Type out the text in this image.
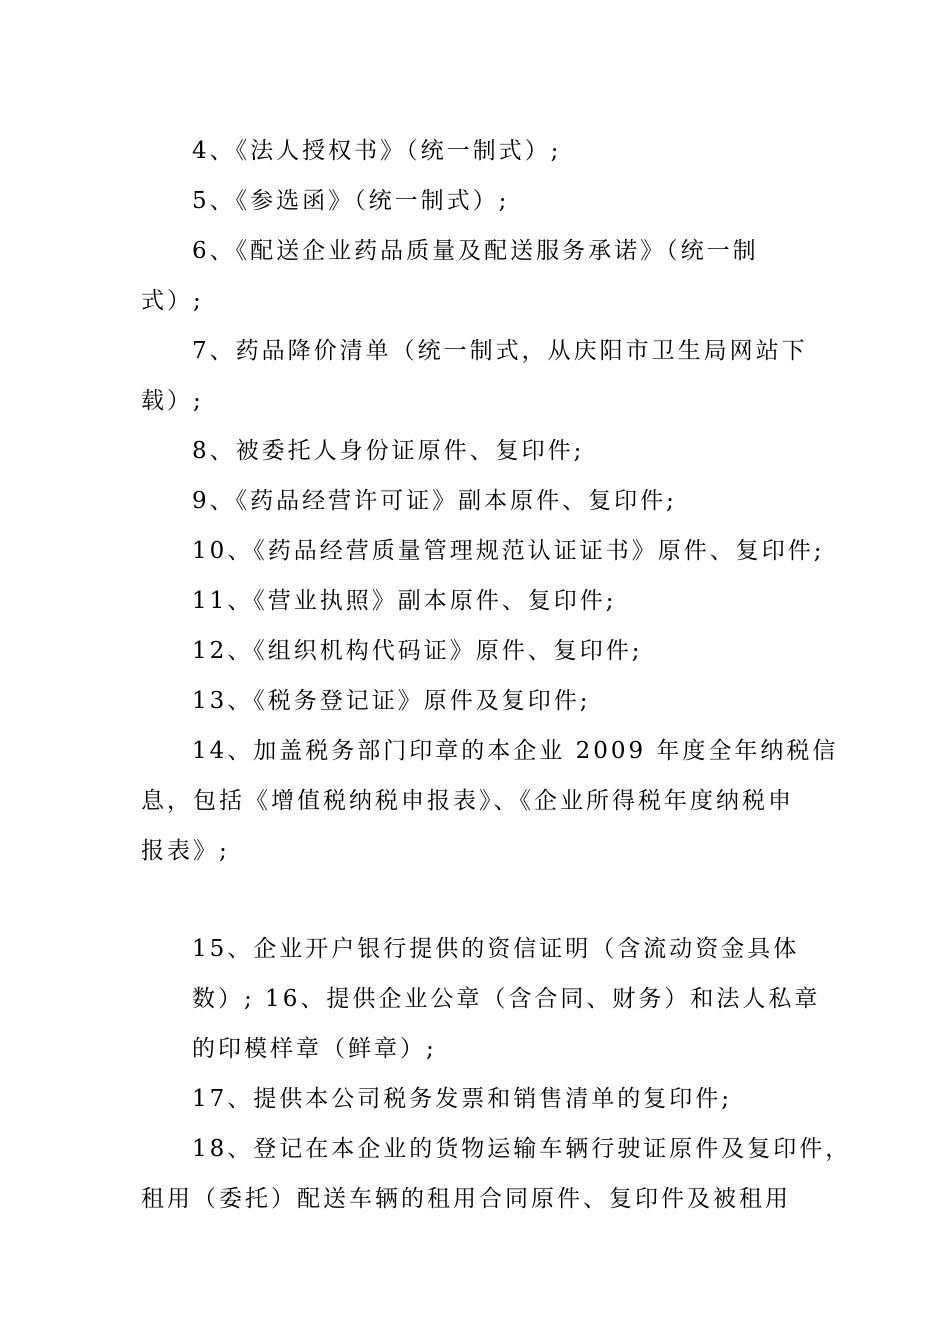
4、《法人授权书》（统一制式）;
5、《参选函》（统一制式）;
6、《配送企业药品质量及配送服务承诺》（统一制
式）;
7、药品降价清单（统一制式，从庆阳市卫生局网站下
载）;
8、被委托人身份证原件、复印件;
9、《药品经营许可证》副本原件、复印件;
10、《药品经营质量管理规范认证证书》原件、复印件;
11、《营业执照》副本原件、复印件;
12、《组织机构代码证》原件、复印件;
13、《税务登记证》原件及复印件;
14、加盖税务部门印章的本企业 2009 年度全年纳税信
息，包括《增值税纳税申报表》、《企业所得税年度纳税申
报表》;
15、企业开户银行提供的资信证明（含流动资金具体
数）; 16、提供企业公章（含合同、财务）和法人私章
的印模样章（鲜章）;
17、提供本公司税务发票和销售清单的复印件;
18、登记在本企业的货物运输车辆行驶证原件及复印件，
租用（委托）配送车辆的租用合同原件、复印件及被租用
